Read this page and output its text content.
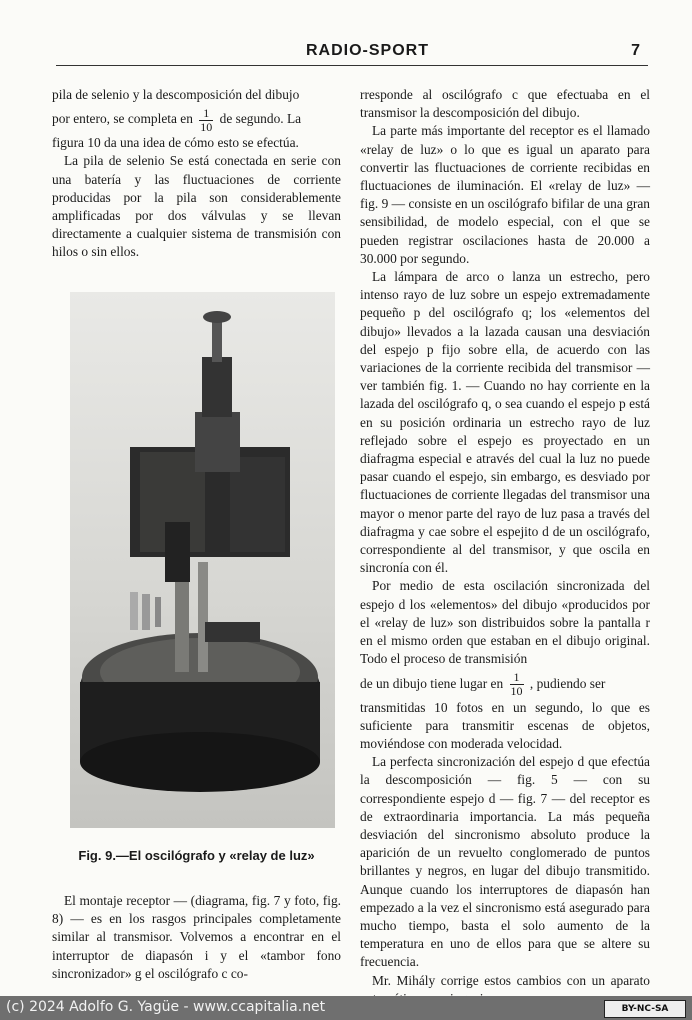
RADIO-SPORT	7

pila de selenio y la descomposición del dibujo

por entero, se completa en $\frac{1}{10}$ de segundo. La

figura 10 da una idea de cómo esto se efectúa.

La pila de selenio Se está conectada en serie con una batería y las fluctuaciones de corriente producidas por la pila son considerablemente amplificadas por dos válvulas y se llevan directamente a cualquier sistema de transmisión con hilos o sin ellos.

Fig. 9.—El oscilógrafo y «relay de luz»

El montaje receptor — (diagrama, fig. 7 y foto, fig. 8) — es en los rasgos principales completamente similar al transmisor. Volvemos a encontrar en el interruptor de diapasón i y el «tambor fono sincronizador» g el oscilógrafo c co-

rresponde al oscilógrafo c que efectuaba en el transmisor la descomposición del dibujo.

La parte más importante del receptor es el llamado «relay de luz» o lo que es igual un aparato para convertir las fluctuaciones de corriente recibidas en fluctuaciones de iluminación. El «relay de luz» — fig. 9 — consiste en un oscilógrafo bifilar de una gran sensibilidad, de modelo especial, con el que se pueden registrar oscilaciones hasta de 20.000 a 30.000 por segundo.

La lámpara de arco o lanza un estrecho, pero intenso rayo de luz sobre un espejo extremadamente pequeño p del oscilógrafo q; los «elementos del dibujo» llevados a la lazada causan una desviación del espejo p fijo sobre ella, de acuerdo con las variaciones de la corriente recibida del transmisor — ver también fig. 1. — Cuando no hay corriente en la lazada del oscilógrafo q, o sea cuando el espejo p está en su posición ordinaria un estrecho rayo de luz reflejado sobre el espejo es proyectado en un diafragma especial e através del cual la luz no puede pasar cuando el espejo, sin embargo, es desviado por fluctuaciones de corriente llegadas del transmisor una mayor o menor parte del rayo de luz pasa a través del diafragma y cae sobre el espejito d de un oscilógrafo, correspondiente al del transmisor, y que oscila en sincronía con él.

Por medio de esta oscilación sincronizada del espejo d los «elementos» del dibujo «producidos por el «relay de luz» son distribuidos sobre la pantalla r en el mismo orden que estaban en el dibujo original. Todo el proceso de transmisión

de un dibujo tiene lugar en $\frac{1}{10}$ , pudiendo ser

transmitidas 10 fotos en un segundo, lo que es suficiente para transmitir escenas de objetos, moviéndose con moderada velocidad.

La perfecta sincronización del espejo d que efectúa la descomposición — fig. 5 — con su correspondiente espejo d — fig. 7 — del receptor es de extraordinaria importancia. La más pequeña desviación del sincronismo absoluto produce la aparición de un revuelto conglomerado de puntos brillantes y negros, en lugar del dibujo transmitido. Aunque cuando los interruptores de diapasón han empezado a la vez el sincronismo está asegurado para mucho tiempo, basta el solo aumento de la temperatura en uno de ellos para que se altere su frecuencia.

Mr. Mihály corrige estos cambios con un aparato

(c) 2024 Adolfo G. Yagüe - www.ccapitalia.net	BY-NC-SA
